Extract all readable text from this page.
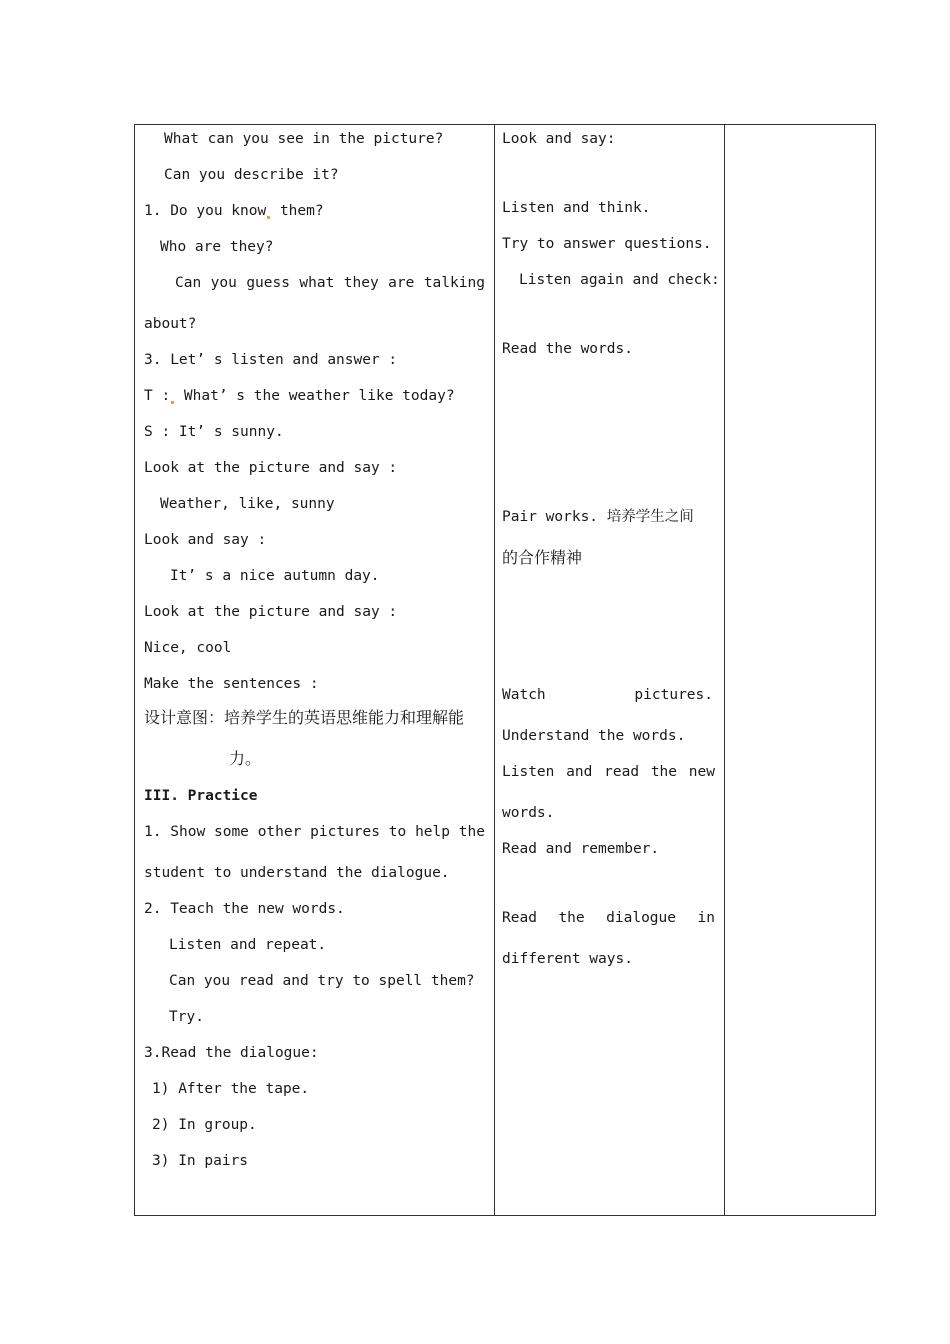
What can you see in the picture?
Can you describe it?
1. Do you know them?
Who are they?
Can you guess what they are talking
about?
3. Let’ s listen and answer :
T : What’ s the weather like today?
S : It’ s sunny.
Look at the picture and say :
Weather, like, sunny
Look and say :
It’ s a nice autumn day.
Look at the picture and say :
Nice, cool
Make the sentences :
设计意图：培养学生的英语思维能力和理解能
力。
III. Practice
1. Show some other pictures to help the
student to understand the dialogue.
2. Teach the new words.
Listen and repeat.
Can you read and try to spell them?
Try.
3.Read the dialogue:
1) After the tape.
2) In group.
3) In pairs
Look and say:
Listen and think.
Try to answer questions.
Listen again and check:
Read the words.
Pair works. 培养学生之间
的合作精神
Watch	pictures.
Understand the words.
Listen and read the new
words.
Read and remember.
Read the dialogue in
different ways.
